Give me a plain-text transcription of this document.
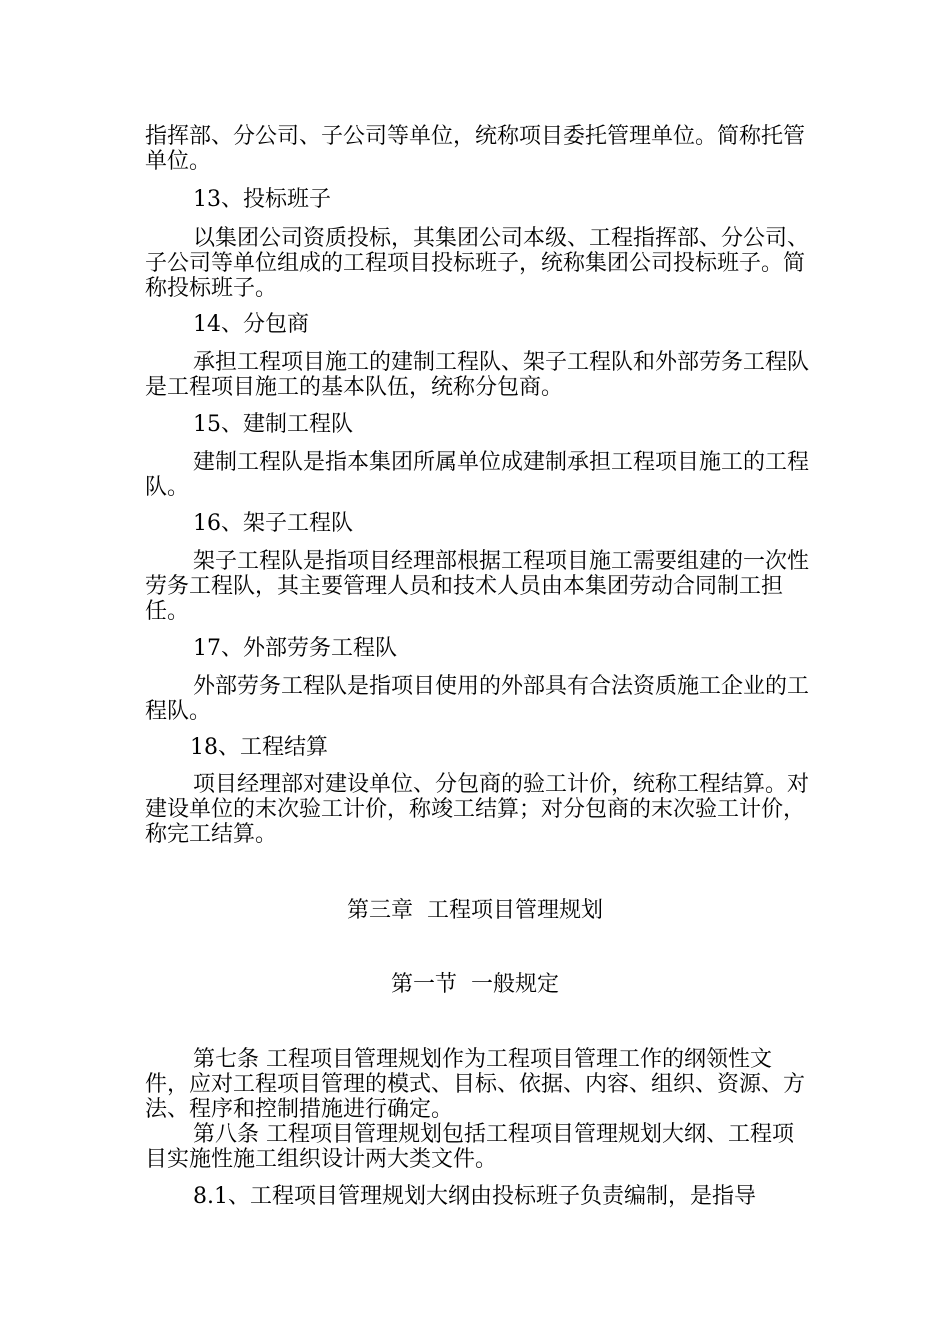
指挥部、分公司、子公司等单位，统称项目委托管理单位。简称托管单位。

13、投标班子

以集团公司资质投标，其集团公司本级、工程指挥部、分公司、子公司等单位组成的工程项目投标班子，统称集团公司投标班子。简称投标班子。

14、分包商

承担工程项目施工的建制工程队、架子工程队和外部劳务工程队是工程项目施工的基本队伍，统称分包商。

15、建制工程队

建制工程队是指本集团所属单位成建制承担工程项目施工的工程队。

16、架子工程队

架子工程队是指项目经理部根据工程项目施工需要组建的一次性劳务工程队，其主要管理人员和技术人员由本集团劳动合同制工担任。

17、外部劳务工程队

外部劳务工程队是指项目使用的外部具有合法资质施工企业的工程队。

18、工程结算

项目经理部对建设单位、分包商的验工计价，统称工程结算。对建设单位的末次验工计价，称竣工结算；对分包商的末次验工计价，称完工结算。

第三章  工程项目管理规划

第一节  一般规定

第七条 工程项目管理规划作为工程项目管理工作的纲领性文件，应对工程项目管理的模式、目标、依据、内容、组织、资源、方法、程序和控制措施进行确定。

第八条 工程项目管理规划包括工程项目管理规划大纲、工程项目实施性施工组织设计两大类文件。

8.1、工程项目管理规划大纲由投标班子负责编制，是指导
